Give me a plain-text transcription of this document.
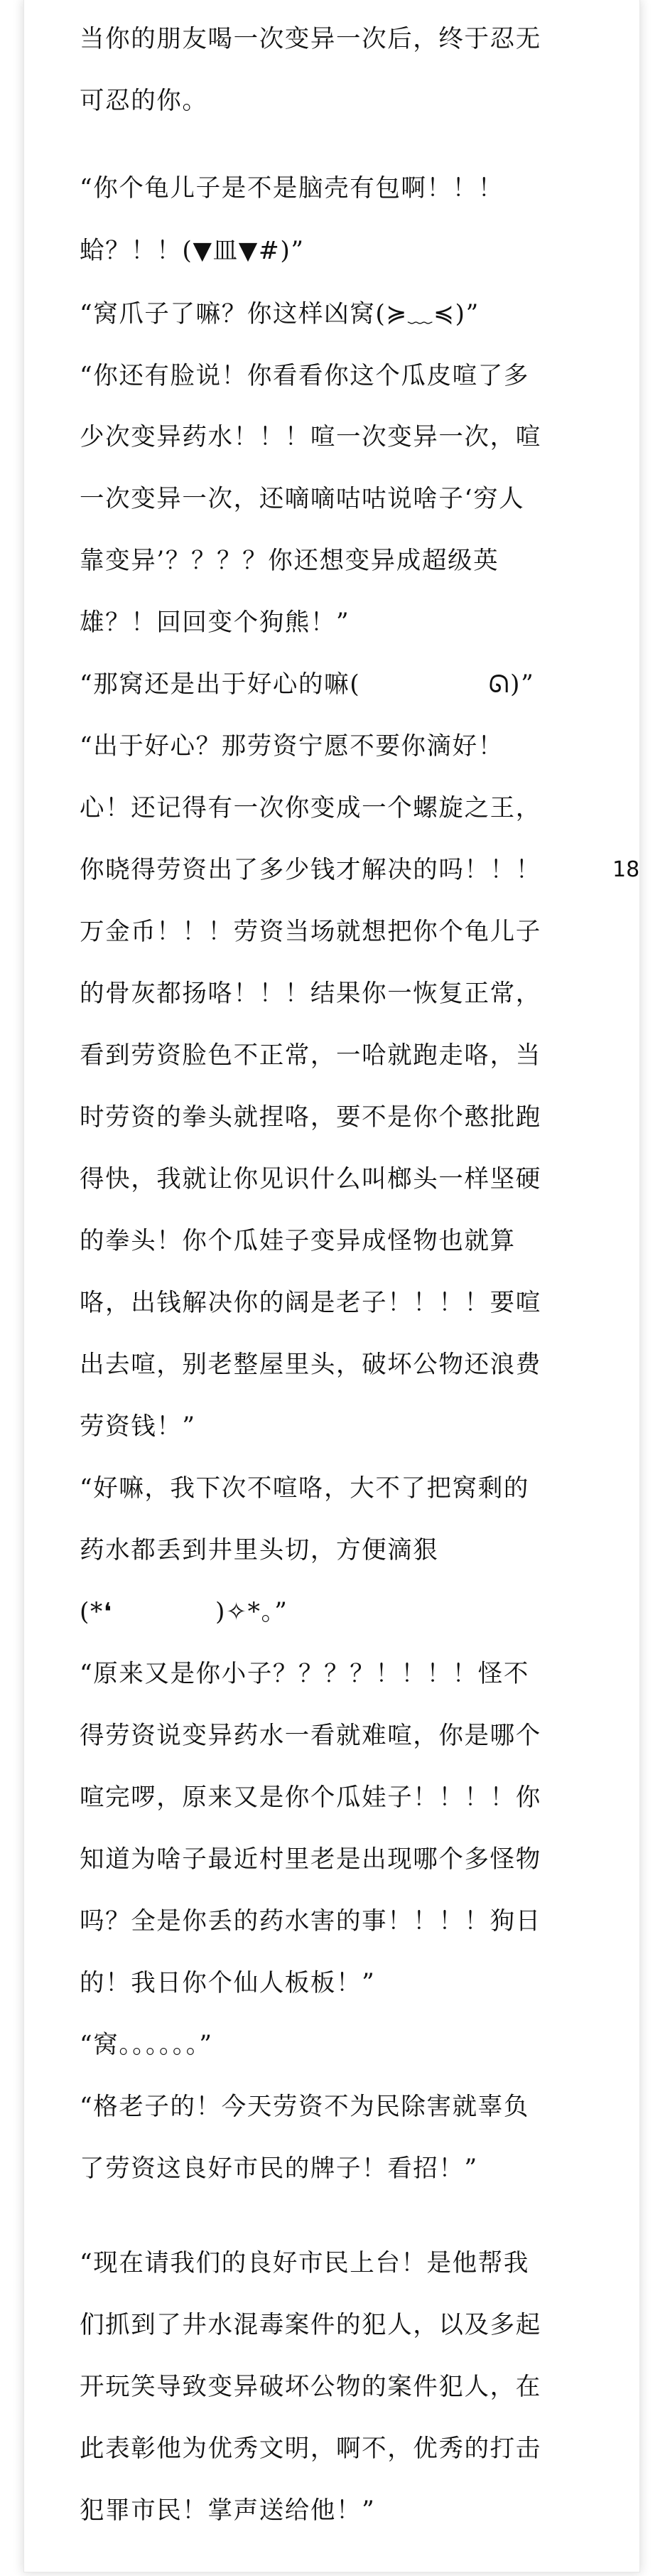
当你的朋友喝一次变异一次后，终于忍无
可忍的你。
“你个龟儿子是不是脑壳有包啊！！！
蛤？！！(▼皿▼#)”
“窝爪子了嘛？你这样凶窝(≽﹏≼)”
“你还有脸说！你看看你这个瓜皮喧了多
少次变异药水！！！喧一次变异一次，喧
一次变异一次，还嘀嘀咕咕说啥子‘穷人
靠变异’？？？？你还想变异成超级英
雄？！回回变个狗熊！”
“那窝还是出于好心的嘛(　　　　　ᘏ)”
“出于好心？那劳资宁愿不要你滴好！
心！还记得有一次你变成一个螺旋之王，
你晓得劳资出了多少钱才解决的吗！！！
万金币！！！劳资当场就想把你个龟儿子
的骨灰都扬咯！！！结果你一恢复正常，
看到劳资脸色不正常，一哈就跑走咯，当
时劳资的拳头就捏咯，要不是你个憨批跑
得快，我就让你见识什么叫榔头一样坚硬
的拳头！你个瓜娃子变异成怪物也就算
咯，出钱解决你的阔是老子！！！！要喧
出去喧，别老整屋里头，破坏公物还浪费
劳资钱！”
“好嘛，我下次不喧咯，大不了把窝剩的
药水都丢到井里头切，方便滴狠
(*❛　　　　)✧*。”
“原来又是你小子？？？？！！！！怪不
得劳资说变异药水一看就难喧，你是哪个
喧完啰，原来又是你个瓜娃子！！！！你
知道为啥子最近村里老是出现哪个多怪物
吗？全是你丢的药水害的事！！！！狗日
的！我日你个仙人板板！”
“窝。。。。。。”
“格老子的！今天劳资不为民除害就辜负
了劳资这良好市民的牌子！看招！”
“现在请我们的良好市民上台！是他帮我
们抓到了井水混毒案件的犯人，以及多起
开玩笑导致变异破坏公物的案件犯人，在
此表彰他为优秀文明，啊不，优秀的打击
犯罪市民！掌声送给他！”
18
